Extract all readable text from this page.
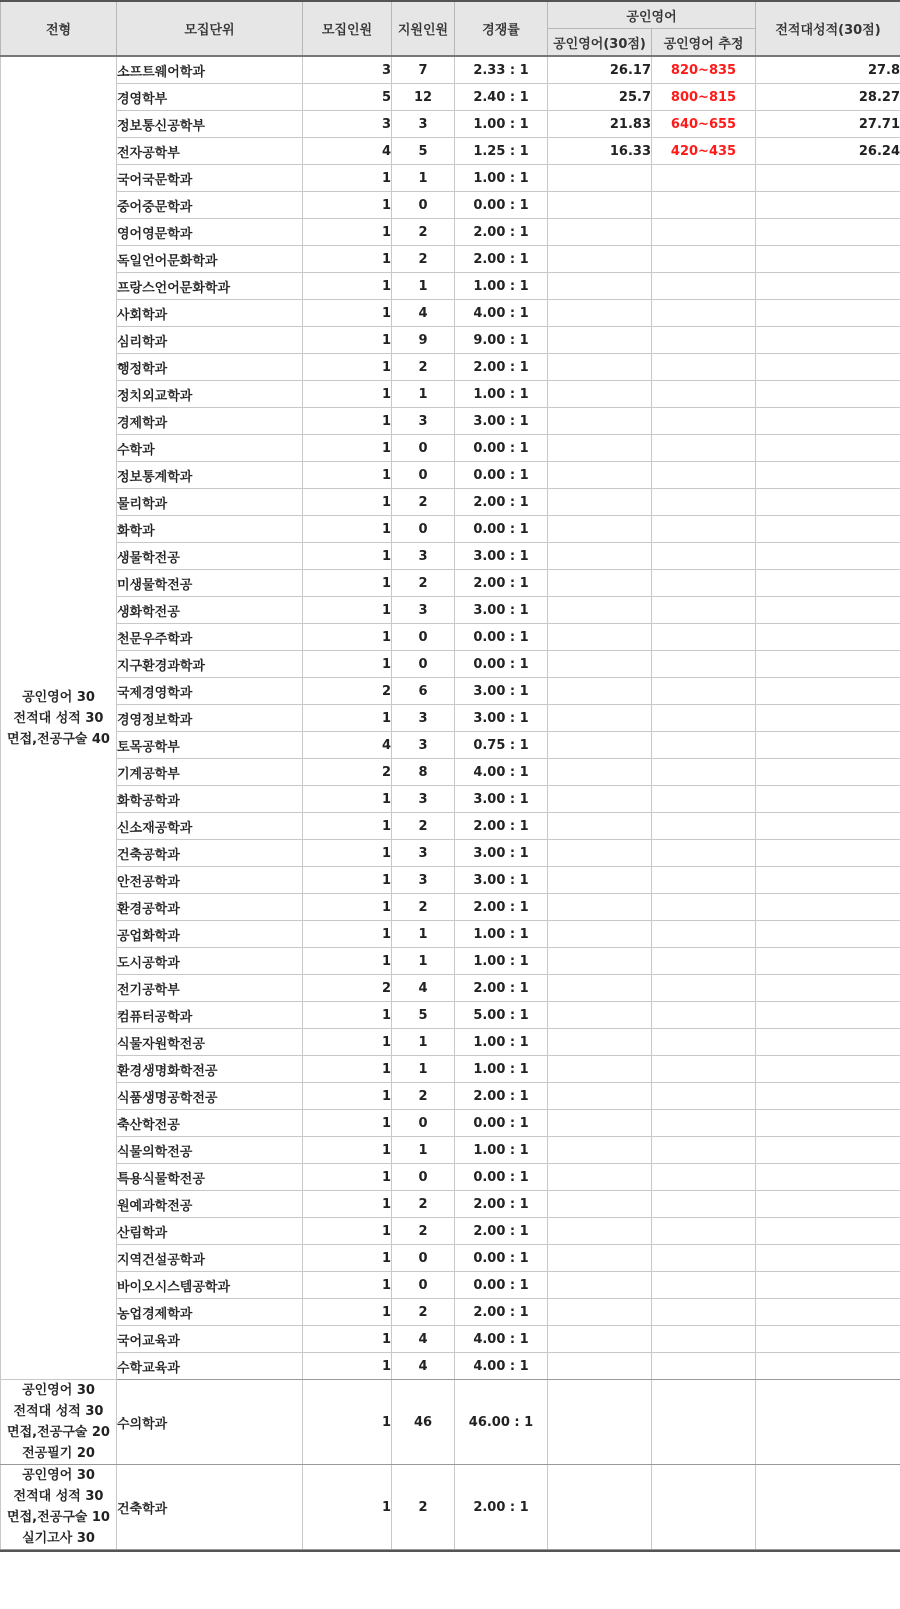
전형	모집단위	모집인원	지원인원	경쟁률	공인영어		전적대성적(30점)
					공인영어(30점)	공인영어 추정	

공인영어 30
전적대 성적 30
면접,전공구술 40	소프트웨어학과	3	7	2.33 : 1	26.17	820~835	27.8
	경영학부	5	12	2.40 : 1	25.7	800~815	28.27
	정보통신공학부	3	3	1.00 : 1	21.83	640~655	27.71
	전자공학부	4	5	1.25 : 1	16.33	420~435	26.24
	국어국문학과	1	1	1.00 : 1			
	중어중문학과	1	0	0.00 : 1			
	영어영문학과	1	2	2.00 : 1			
	독일언어문화학과	1	2	2.00 : 1			
	프랑스언어문화학과	1	1	1.00 : 1			
	사회학과	1	4	4.00 : 1			
	심리학과	1	9	9.00 : 1			
	행정학과	1	2	2.00 : 1			
	정치외교학과	1	1	1.00 : 1			
	경제학과	1	3	3.00 : 1			
	수학과	1	0	0.00 : 1			
	정보통계학과	1	0	0.00 : 1			
	물리학과	1	2	2.00 : 1			
	화학과	1	0	0.00 : 1			
	생물학전공	1	3	3.00 : 1			
	미생물학전공	1	2	2.00 : 1			
	생화학전공	1	3	3.00 : 1			
	천문우주학과	1	0	0.00 : 1			
	지구환경과학과	1	0	0.00 : 1			
	국제경영학과	2	6	3.00 : 1			
	경영정보학과	1	3	3.00 : 1			
	토목공학부	4	3	0.75 : 1			
	기계공학부	2	8	4.00 : 1			
	화학공학과	1	3	3.00 : 1			
	신소재공학과	1	2	2.00 : 1			
	건축공학과	1	3	3.00 : 1			
	안전공학과	1	3	3.00 : 1			
	환경공학과	1	2	2.00 : 1			
	공업화학과	1	1	1.00 : 1			
	도시공학과	1	1	1.00 : 1			
	전기공학부	2	4	2.00 : 1			
	컴퓨터공학과	1	5	5.00 : 1			
	식물자원학전공	1	1	1.00 : 1			
	환경생명화학전공	1	1	1.00 : 1			
	식품생명공학전공	1	2	2.00 : 1			
	축산학전공	1	0	0.00 : 1			
	식물의학전공	1	1	1.00 : 1			
	특용식물학전공	1	0	0.00 : 1			
	원예과학전공	1	2	2.00 : 1			
	산림학과	1	2	2.00 : 1			
	지역건설공학과	1	0	0.00 : 1			
	바이오시스템공학과	1	0	0.00 : 1			
	농업경제학과	1	2	2.00 : 1			
	국어교육과	1	4	4.00 : 1			
	수학교육과	1	4	4.00 : 1			

공인영어 30
전적대 성적 30
면접,전공구술 20
전공필기 20	수의학과	1	46	46.00 : 1			

공인영어 30
전적대 성적 30
면접,전공구술 10
실기고사 30	건축학과	1	2	2.00 : 1			
